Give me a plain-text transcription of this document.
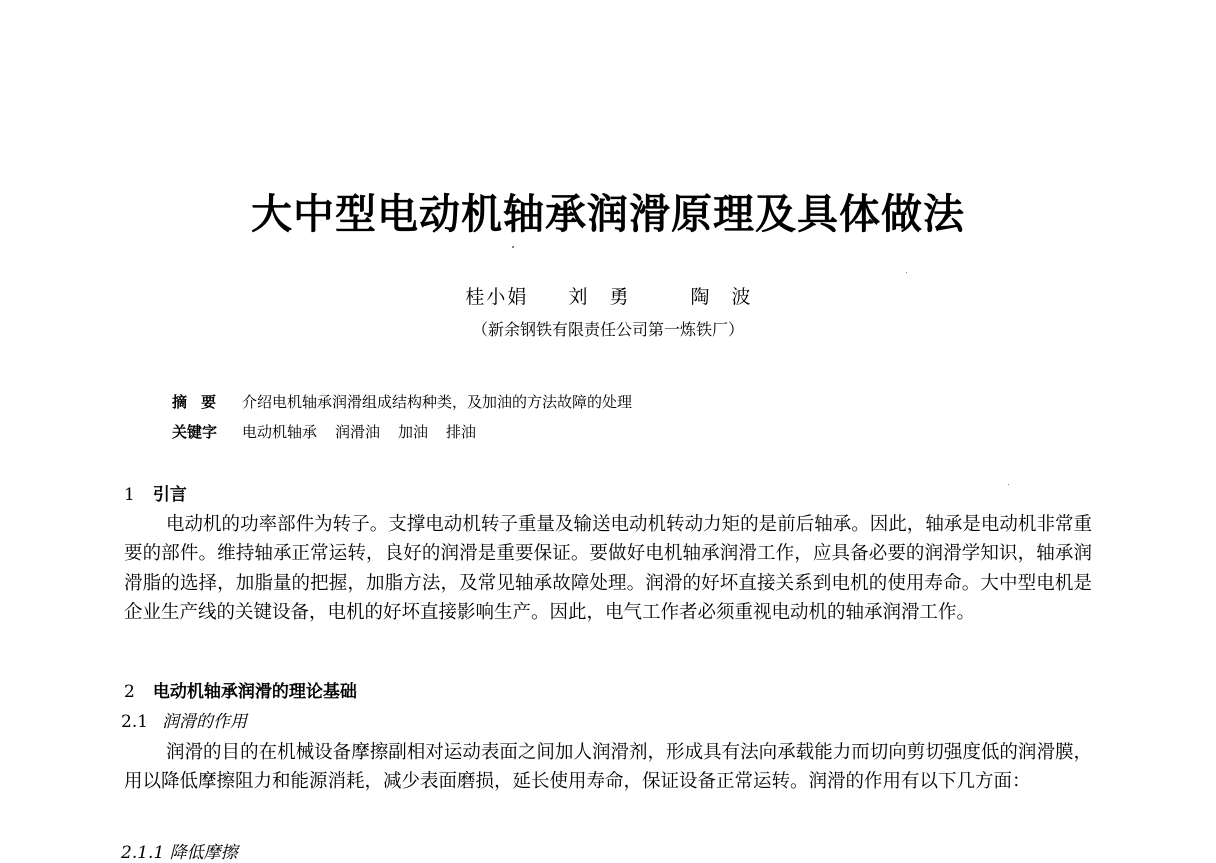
大中型电动机轴承润滑原理及具体做法
桂小娟 刘勇 陶波
（新余钢铁有限责任公司第一炼铁厂）
摘要 介绍电机轴承润滑组成结构种类，及加油的方法故障的处理
关键字 电动机轴承 润滑油 加油 排油
1 引言
电动机的功率部件为转子。支撑电动机转子重量及输送电动机转动力矩的是前后轴承。因此，轴承是电动机非常重要的部件。维持轴承正常运转，良好的润滑是重要保证。要做好电机轴承润滑工作，应具备必要的润滑学知识，轴承润滑脂的选择，加脂量的把握，加脂方法，及常见轴承故障处理。润滑的好坏直接关系到电机的使用寿命。大中型电机是企业生产线的关键设备，电机的好坏直接影响生产。因此，电气工作者必须重视电动机的轴承润滑工作。
2 电动机轴承润滑的理论基础
2.1 润滑的作用
润滑的目的在机械设备摩擦副相对运动表面之间加人润滑剂，形成具有法向承载能力而切向剪切强度低的润滑膜，用以降低摩擦阻力和能源消耗，减少表面磨损，延长使用寿命，保证设备正常运转。润滑的作用有以下几方面：
2.1.1 降低摩擦
